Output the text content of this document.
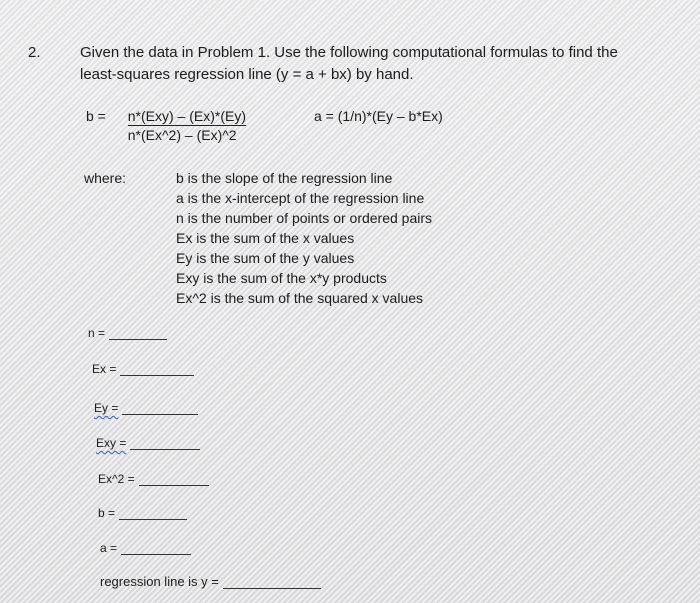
2.	Given the data in Problem 1. Use the following computational formulas to find the
least-squares regression line (y = a + bx) by hand.
$b = \frac{\text{n*(Exy) – (Ex)*(Ey)}}{n*(Ex\^{}2) - (Ex)\^{}2}$	a = (1/n)*(Ey – b*Ex)
where:	b is the slope of the regression line
a is the x-intercept of the regression line
n is the number of points or ordered pairs
Ex is the sum of the x values
Ey is the sum of the y values
Exy is the sum of the x*y products
Ex^2 is the sum of the squared x values
n =
Ex =
Ey =
Exy =
Ex^2 =
b =
a =
regression line is y =
